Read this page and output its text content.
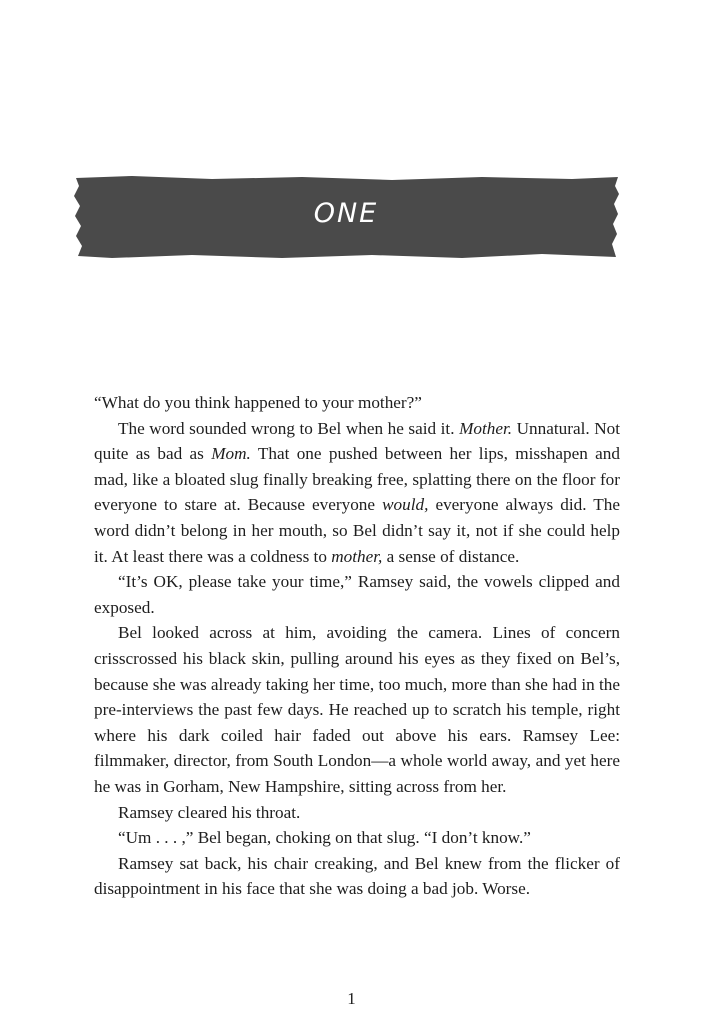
ONE

“What do you think happened to your mother?”

The word sounded wrong to Bel when he said it. Mother. Unnatural. Not quite as bad as Mom. That one pushed between her lips, misshapen and mad, like a bloated slug finally breaking free, splatting there on the floor for everyone to stare at. Because everyone would, everyone always did. The word didn’t belong in her mouth, so Bel didn’t say it, not if she could help it. At least there was a coldness to mother, a sense of distance.

“It’s OK, please take your time,” Ramsey said, the vowels clipped and exposed.

Bel looked across at him, avoiding the camera. Lines of concern crisscrossed his black skin, pulling around his eyes as they fixed on Bel’s, because she was already taking her time, too much, more than she had in the pre-interviews the past few days. He reached up to scratch his temple, right where his dark coiled hair faded out above his ears. Ramsey Lee: filmmaker, director, from South London—a whole world away, and yet here he was in Gorham, New Hampshire, sitting across from her.

Ramsey cleared his throat.

“Um . . . ,” Bel began, choking on that slug. “I don’t know.”

Ramsey sat back, his chair creaking, and Bel knew from the flicker of disappointment in his face that she was doing a bad job. Worse.

1
